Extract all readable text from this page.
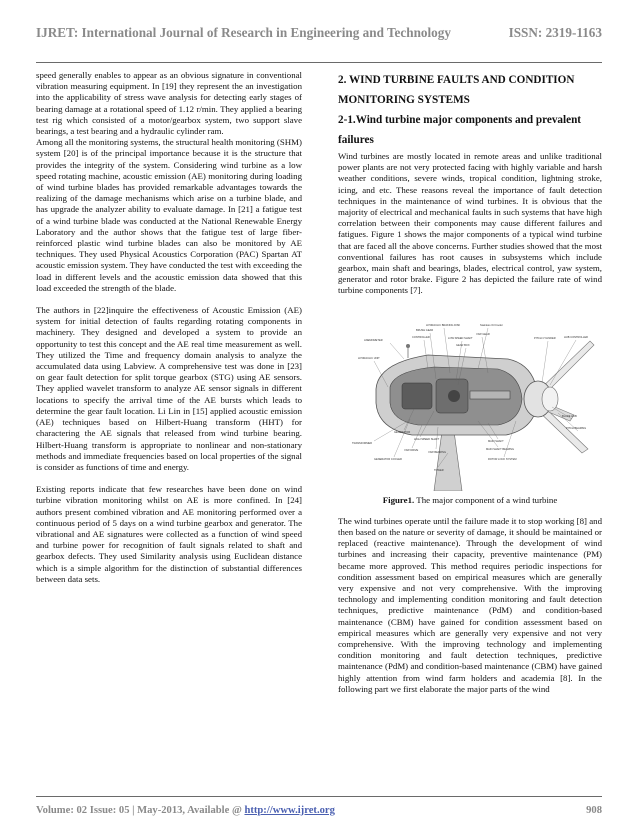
IJRET: International Journal of Research in Engineering and Technology	ISSN: 2319-1163

speed generally enables to appear as an obvious signature in conventional vibration measuring equipment. In [19] they represent the an investigation into the applicability of stress wave analysis for detecting early stages of bearing damage at a rotational speed of 1.12 r/min. They applied a bearing test rig which consisted of a motor/gearbox system, two support slave bearings, a test bearing and a hydraulic cylinder ram.

Among all the monitoring systems, the structural health monitoring (SHM) system [20] is of the principal importance because it is the structure that provides the integrity of the system. Considering wind turbine as a low speed rotating machine, acoustic emission (AE) monitoring during loading of wind turbine blades has provided remarkable advantages towards the realizing of the damage mechanisms which arise on a turbine blade, and has upgrade the analyzer ability to evaluate damage. In [21] a fatigue test of a wind turbine blade was conducted at the National Renewable Energy Laboratory and the author shows that the fatigue test of large fiber-reinforced plastic wind turbine blades can also be monitored by AE techniques. They used Physical Acoustics Corporation (PAC) Spartan AT acoustic emission system. They have conducted the test with exceeding the load in different levels and the acoustic emission data showed that this load exceeded the strength of the blade.

The authors in [22]inquire the effectiveness of Acoustic Emission (AE) system for initial detection of faults regarding rotating components in machinery. They designed and developed a system to provide an opportunity to test this concept and the AE real time measurement as well. They utilized the Time and frequency domain analysis to analyze the accumulated data using Labview. A comprehensive test was done in [23] on gear fault detection for split torque gearbox (STG) using AE sensors. They applied wavelet transform to analyze AE sensor signals in different locations to specify the arrival time of the AE bursts which leads to determine the gear fault location. Li Lin in [15] applied acoustic emission (AE) techniques based on Hilbert-Huang transform (HHT) for charactering the AE signals that released from wind turbine bearing. Hilbert-Huang transform is appropriate to nonlinear and non-stationary methods and immediate frequencies based on local properties of the signal is consider as functions of time and energy.

Existing reports indicate that few researches have been done on wind turbine vibration monitoring whilst on AE is more confined. In [24] authors present combined vibration and AE monitoring performed over a continuous period of 5 days on a wind turbine gearbox and generator. The vibrational and AE signatures were collected as a function of wind speed and turbine power for recognition of fault signals related to shaft and gearbox defects. They used Similarity analysis using Euclidean distance which is a simple algorithm for the distinction of substantial differences between data sets.

2. WIND TURBINE FAULTS AND CONDITION MONITORING SYSTEMS
2-1.Wind turbine major components and prevalent failures

Wind turbines are mostly located in remote areas and unlike traditional power plants are not very protected facing with highly variable and harsh weather conditions, severe winds, tropical condition, lightning stroke, icing, and etc. These reasons reveal the importance of fault detection techniques in the maintenance of wind turbines. It is obvious that the majority of electrical and mechanical faults in such systems that have high correlation between their components may cause different failures and fatigues. Figure 1 shows the major components of a typical wind turbine that are faced all the above concerns. Further studies showed that the most conventional failures has root causes in subsystems which include gearbox, main shaft and bearings, blades, electrical control, yaw system, generator and rotor brake. Figure 2 has depicted the failure rate of wind turbine components [7].

HYDRAULIC BRAKING DISK
BRUSH GEAR
ANEMOMETER
CONTROLLER	LOW SPEED SHAFT
GEAR BOX
HYDRAULIC UNIT
YAW GEAR
PITCH CYLINDER	HUB CONTROLLER
BLADE HUB
PITCH BEARING
TRANSFORMER
YAW DRIVE
YAW BEARING
MAIN SHAFT
MAIN SHAFT BEARING
ROTOR LOCK SYSTEM
TOWER
GENERATOR COOLER
HIGH SPEED SHAFT
GENERATOR
Stainless Oil Cooler
Figure1. The major component of a wind turbine

The wind turbines operate until the failure made it to stop working [8] and then based on the nature or severity of damage, it should be maintained or replaced (reactive maintenance). Through the development of wind turbines and increasing their capacity, preventive maintenance (PM) became more approved. This method requires periodic inspections for condition assessment based on empirical measures which are generally very expensive and not very comprehensive. With the improving technology and implementing condition monitoring and fault detection techniques, predictive maintenance (PdM) and condition-based maintenance (CBM) have gained for condition assessment based on empirical measures which are generally very expensive and not very comprehensive. With the improving technology and implementing condition monitoring and fault detection techniques, predictive maintenance (PdM) and condition-based maintenance (CBM) have gained highly attention from wind farm holders and academia [8]. In the following part we first elaborate the major parts of the wind

Volume: 02 Issue: 05 | May-2013, Available @ http://www.ijret.org	908
